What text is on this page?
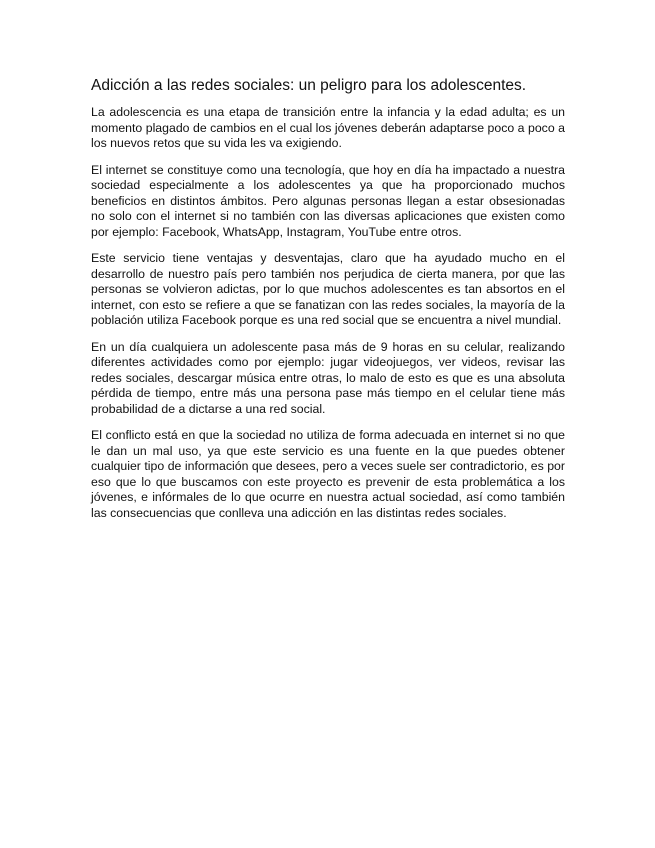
Adicción a las redes sociales: un peligro para los adolescentes.

La adolescencia es una etapa de transición entre la infancia y la edad adulta; es un momento plagado de cambios en el cual los jóvenes deberán adaptarse poco a poco a los nuevos retos que su vida les va exigiendo.

El internet se constituye como una tecnología, que hoy en día ha impactado a nuestra sociedad especialmente a los adolescentes ya que ha proporcionado muchos beneficios en distintos ámbitos. Pero algunas personas llegan a estar obsesionadas no solo con el internet si no también con las diversas aplicaciones que existen como por ejemplo: Facebook, WhatsApp, Instagram, YouTube entre otros.

Este servicio tiene ventajas y desventajas, claro que ha ayudado mucho en el desarrollo de nuestro país pero también nos perjudica de cierta manera, por que las personas se volvieron adictas, por lo que muchos adolescentes es tan absortos en el internet, con esto se refiere a que se fanatizan con las redes sociales, la mayoría de la población utiliza Facebook porque es una red social que se encuentra a nivel mundial.

En un día cualquiera un adolescente pasa más de 9 horas en su celular, realizando diferentes actividades como por ejemplo: jugar videojuegos, ver videos, revisar las redes sociales, descargar música entre otras, lo malo de esto es que es una absoluta pérdida de tiempo, entre más una persona pase más tiempo en el celular tiene más probabilidad de a dictarse a una red social.

El conflicto está en que la sociedad no utiliza de forma adecuada en internet si no que le dan un mal uso, ya que este servicio es una fuente en la que puedes obtener cualquier tipo de información que desees, pero a veces suele ser contradictorio, es por eso que lo que buscamos con este proyecto es prevenir de esta problemática a los jóvenes, e infórmales de lo que ocurre en nuestra actual sociedad, así como también las consecuencias que conlleva una adicción en las distintas redes sociales.
